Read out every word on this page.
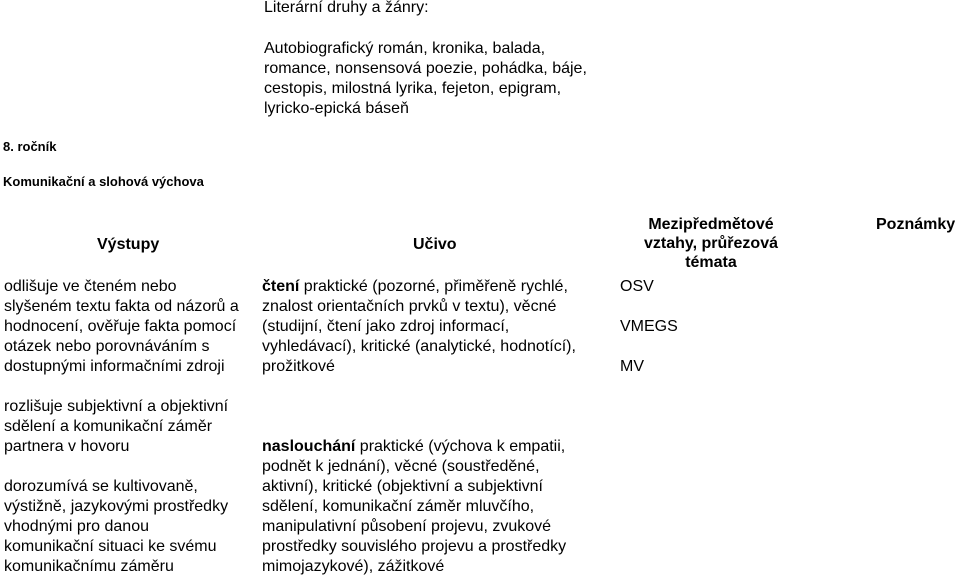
Literární druhy a žánry:
Autobiografický román, kronika, balada,
romance, nonsensová poezie, pohádka, báje,
cestopis, milostná lyrika, fejeton, epigram,
lyricko-epická báseň
8. ročník
Komunikační a slohová výchova
Výstupy	Učivo
Mezipředmětové
vztahy, průřezová
témata
Poznámky
odlišuje ve čteném nebo
slyšeném textu fakta od názorů a
hodnocení, ověřuje fakta pomocí
otázek nebo porovnáváním s
dostupnými informačními zdroji
čtení praktické (pozorné, přiměřeně rychlé,
znalost orientačních prvků v textu), věcné
(studijní, čtení jako zdroj informací,
vyhledávací), kritické (analytické, hodnotící),
prožitkové
OSV
VMEGS
MV
rozlišuje subjektivní a objektivní
sdělení a komunikační záměr
partnera v hovoru
dorozumívá se kultivovaně,
výstižně, jazykovými prostředky
vhodnými pro danou
komunikační situaci ke svému
komunikačnímu záměru
naslouchání praktické (výchova k empatii,
podnět k jednání), věcné (soustředěné,
aktivní), kritické (objektivní a subjektivní
sdělení, komunikační záměr mluvčího,
manipulativní působení projevu, zvukové
prostředky souvislého projevu a prostředky
mimojazykové), zážitkové
